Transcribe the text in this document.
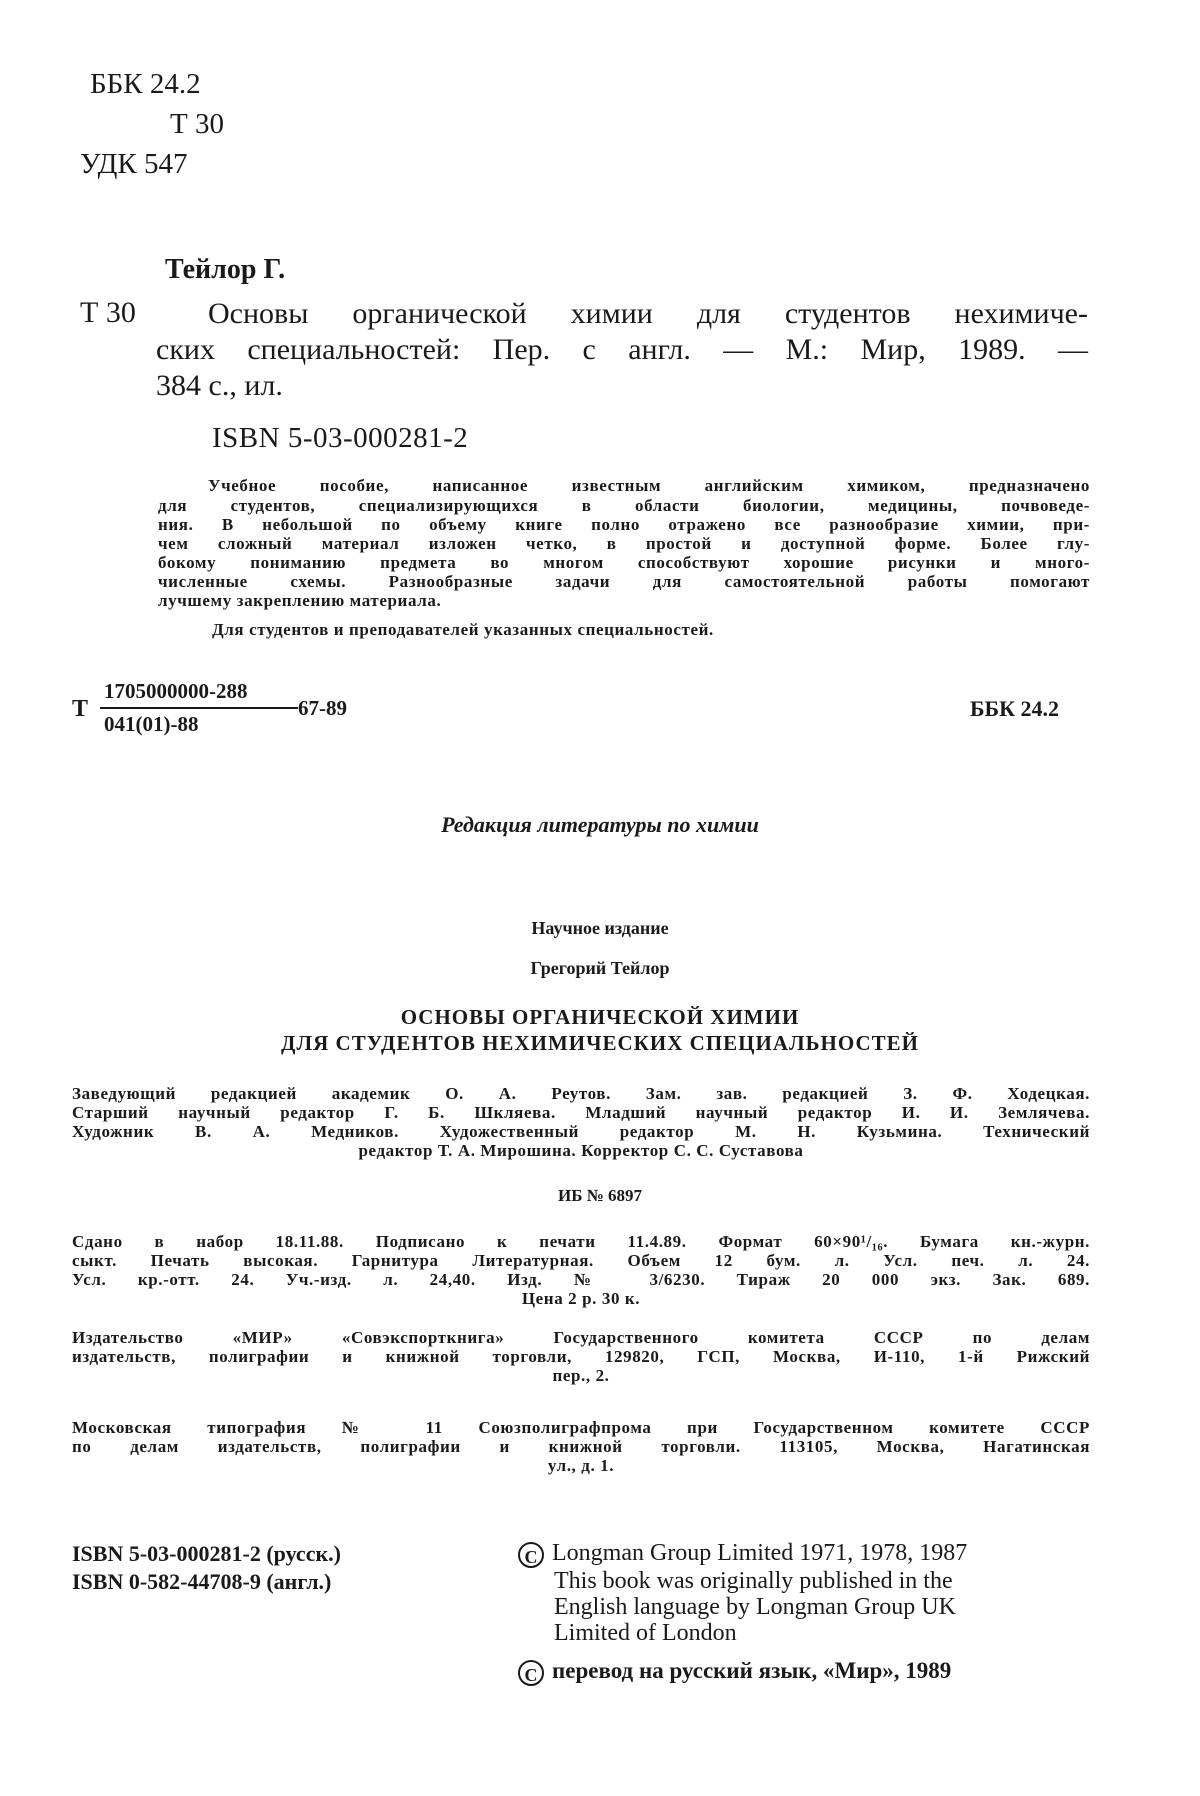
ББК 24.2
Т 30
УДК 547
Тейлор Г.
Т 30 Основы органической химии для студентов нехимиче-
ских специальностей: Пер. с англ. — М.: Мир, 1989. —
384 с., ил.
ISBN 5-03-000281-2
Учебное пособие, написанное известным английским химиком, предназначено
для студентов, специализирующихся в области биологии, медицины, почвоведе-
ния. В небольшой по объему книге полно отражено все разнообразие химии, при-
чем сложный материал изложен четко, в простой и доступной форме. Более глу-
бокому пониманию предмета во многом способствуют хорошие рисунки и много-
численные схемы. Разнообразные задачи для самостоятельной работы помогают
лучшему закреплению материала.
Для студентов и преподавателей указанных специальностей.
Т
1705000000-288
041(01)-88
67-89	ББК 24.2
Редакция литературы по химии
Научное издание
Грегорий Тейлор
ОСНОВЫ ОРГАНИЧЕСКОЙ ХИМИИ
ДЛЯ СТУДЕНТОВ НЕХИМИЧЕСКИХ СПЕЦИАЛЬНОСТЕЙ
Заведующий редакцией академик О. А. Реутов. Зам. зав. редакцией З. Ф. Ходецкая.
Старший научный редактор Г. Б. Шкляева. Младший научный редактор И. И. Землячева.
Художник В. А. Медников. Художественный редактор М. Н. Кузьмина. Технический
редактор Т. А. Мирошина. Корректор С. С. Суставова
ИБ № 6897
Сдано в набор 18.11.88. Подписано к печати 11.4.89. Формат 60×90¹/₁₆. Бумага кн.-журн.
сыкт. Печать высокая. Гарнитура Литературная. Объем 12 бум. л. Усл. печ. л. 24.
Усл. кр.-отт. 24. Уч.-изд. л. 24,40. Изд. № 3/6230. Тираж 20 000 экз. Зак. 689.
Цена 2 р. 30 к.
Издательство «МИР» «Совэкспорткнига» Государственного комитета СССР по делам
издательств, полиграфии и книжной торговли, 129820, ГСП, Москва, И-110, 1-й Рижский
пер., 2.
Московская типография № 11 Союзполиграфпрома при Государственном комитете СССР
по делам издательств, полиграфии и книжной торговли. 113105, Москва, Нагатинская
ул., д. 1.
ISBN 5-03-000281-2 (русск.)
ISBN 0-582-44708-9 (англ.)
C Longman Group Limited 1971, 1978, 1987
This book was originally published in the
English language by Longman Group UK
Limited of London
C перевод на русский язык, «Мир», 1989
